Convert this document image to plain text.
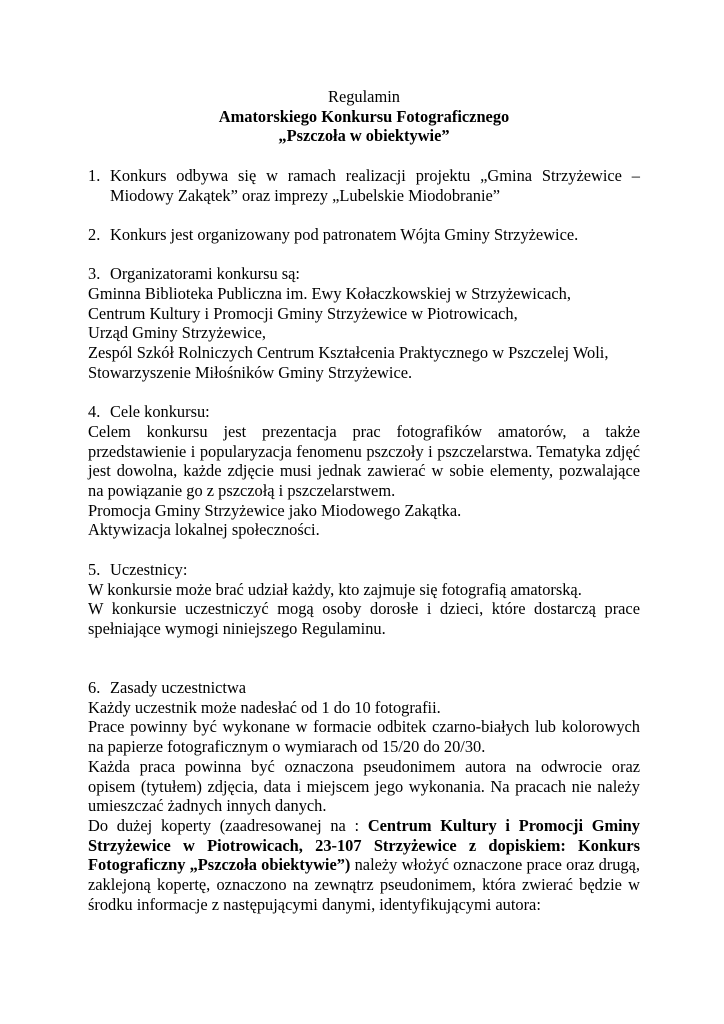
Regulamin
Amatorskiego Konkursu Fotograficznego
„Pszczoła w obiektywie”
1. Konkurs odbywa się w ramach realizacji projektu „Gmina Strzyżewice – Miodowy Zakątek” oraz imprezy „Lubelskie Miodobranie”

2. Konkurs jest organizowany pod patronatem Wójta Gminy Strzyżewice.

3. Organizatorami konkursu są:

Gminna Biblioteka Publiczna im. Ewy Kołaczkowskiej w Strzyżewicach,

Centrum Kultury i Promocji Gminy Strzyżewice w Piotrowicach,

Urząd Gminy Strzyżewice,

Zespól Szkół Rolniczych Centrum Kształcenia Praktycznego w Pszczelej Woli,

Stowarzyszenie Miłośników Gminy Strzyżewice.

4. Cele konkursu:

Celem konkursu jest prezentacja prac fotografików amatorów, a także przedstawienie i popularyzacja fenomenu pszczoły i pszczelarstwa. Tematyka zdjęć jest dowolna, każde zdjęcie musi jednak zawierać w sobie elementy, pozwalające na powiązanie go z pszczołą i pszczelarstwem.

Promocja Gminy Strzyżewice jako Miodowego Zakątka.

Aktywizacja lokalnej społeczności.

5. Uczestnicy:

W konkursie może brać udział każdy, kto zajmuje się fotografią amatorską.

W konkursie uczestniczyć mogą osoby dorosłe i dzieci, które dostarczą prace spełniające wymogi niniejszego Regulaminu.

6. Zasady uczestnictwa

Każdy uczestnik może nadesłać od 1 do 10 fotografii.

Prace powinny być wykonane w formacie odbitek czarno-białych lub kolorowych na papierze fotograficznym o wymiarach od 15/20 do 20/30.

Każda praca powinna być oznaczona pseudonimem autora na odwrocie oraz opisem (tytułem) zdjęcia, data i miejscem jego wykonania. Na pracach nie należy umieszczać żadnych innych danych.

Do dużej koperty (zaadresowanej na : Centrum Kultury i Promocji Gminy Strzyżewice w Piotrowicach, 23-107 Strzyżewice z dopiskiem: Konkurs Fotograficzny „Pszczoła obiektywie”) należy włożyć oznaczone prace oraz drugą, zaklejoną kopertę, oznaczono na zewnątrz pseudonimem, która zwierać będzie w środku informacje z następującymi danymi, identyfikującymi autora:
